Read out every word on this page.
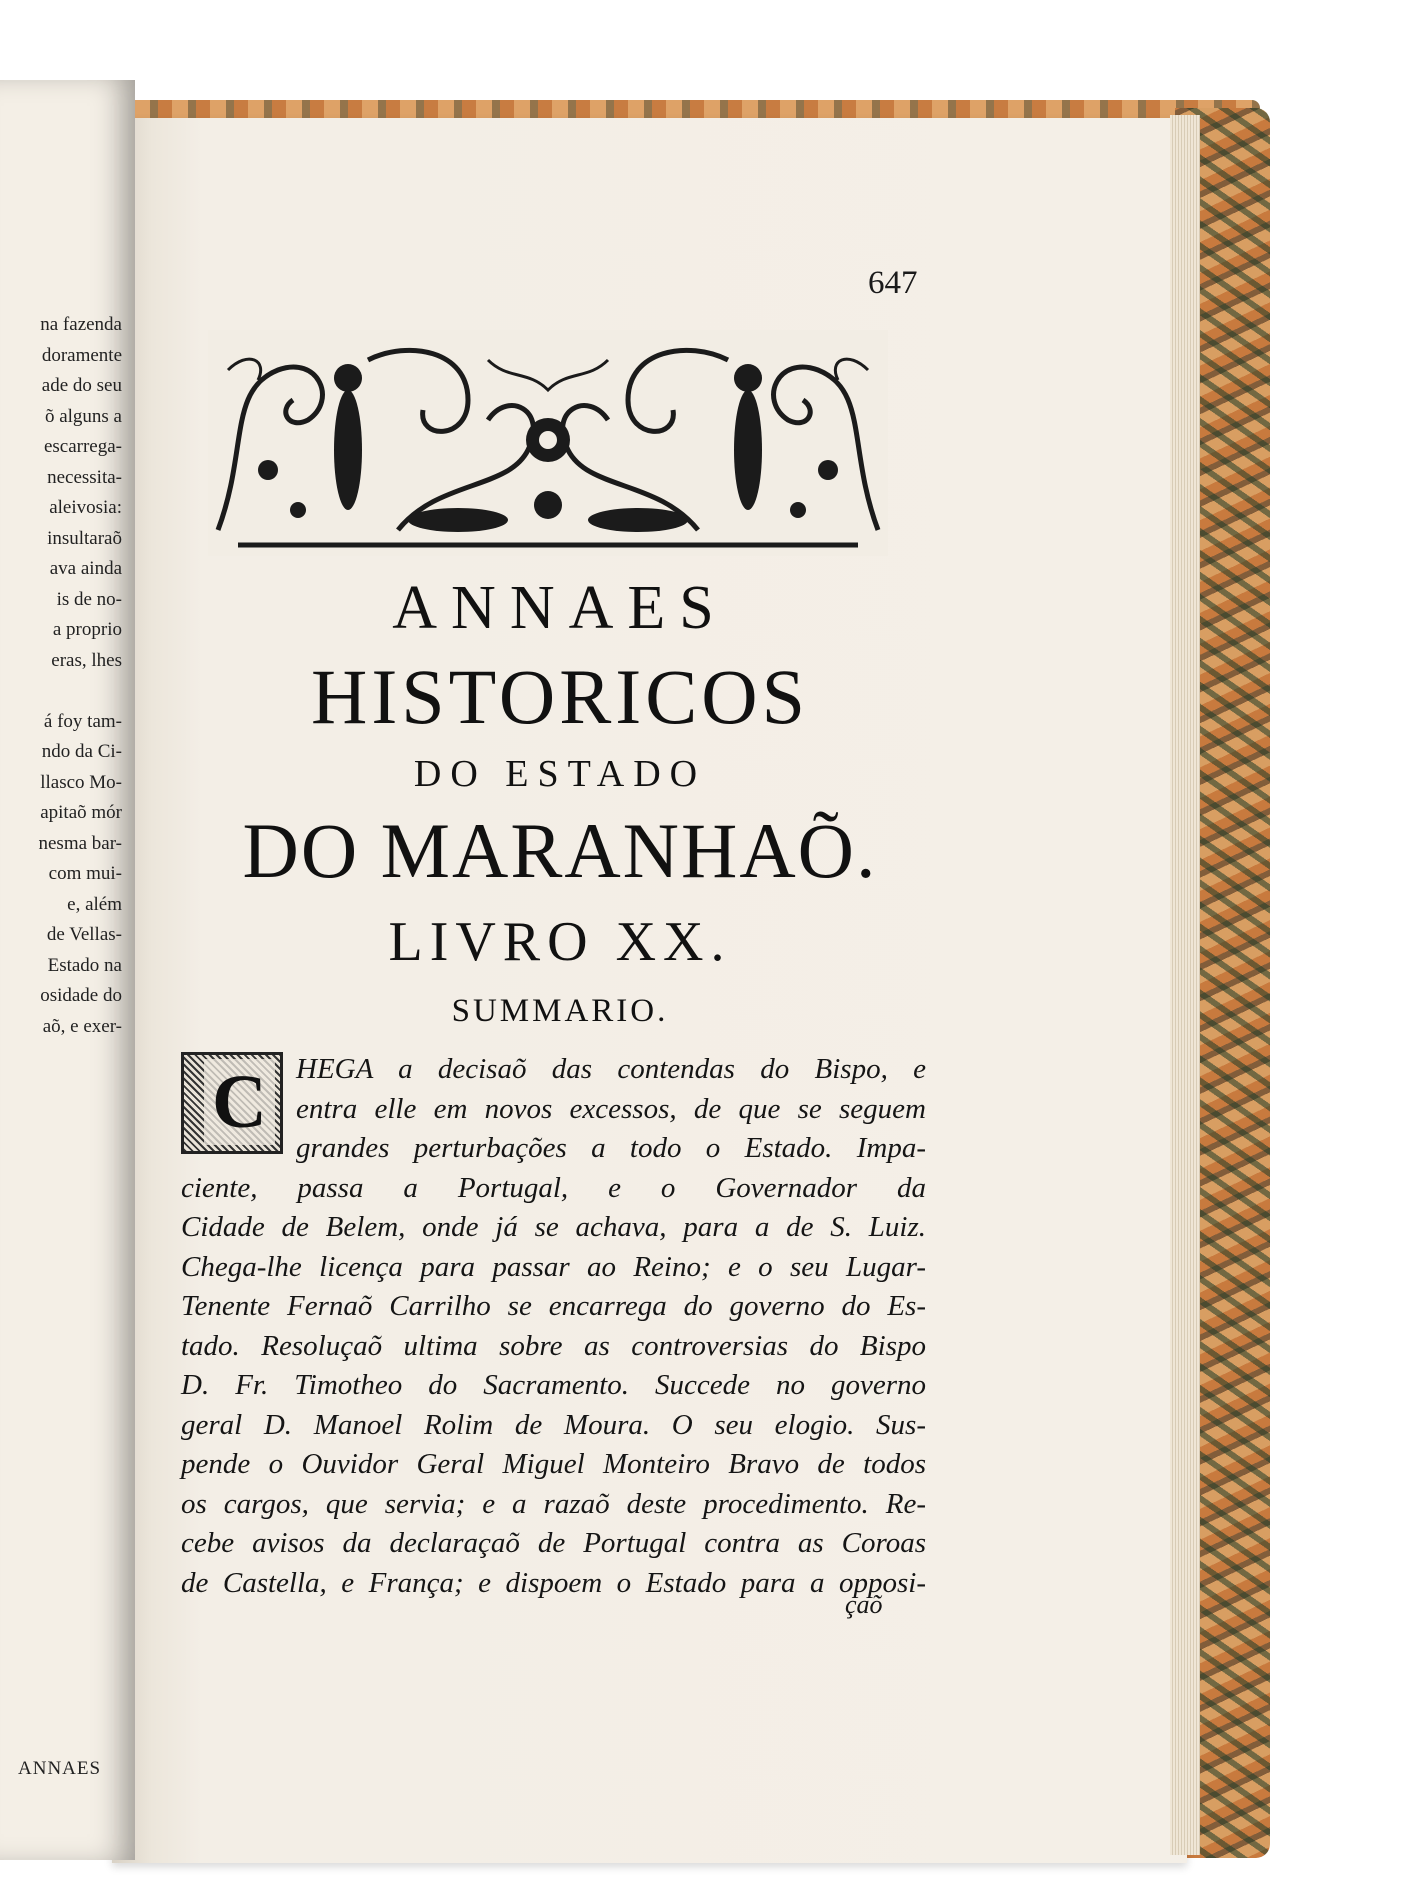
na fazenda
doramente
ade do seu
õ alguns a
escarrega-
necessita-
aleivosia:
insultaraõ
ava ainda
is de no-
a proprio
eras, lhes
á foy tam-
ndo da Ci-
llasco Mo-
apitaõ mór
nesma bar-
com mui-
e, além
de Vellas-
Estado na
osidade do
aõ, e exer-
ANNAES
647
ANNAES
HISTORICOS
DO ESTADO
DO MARANHAÕ.
LIVRO XX.
SUMMARIO.
HEGA a decisaõ das contendas do Bispo, e
entra elle em novos excessos, de que se seguem
grandes perturbações a todo o Estado. Impa-
ciente, passa a Portugal, e o Governador da
Cidade de Belem, onde já se achava, para a de S. Luiz.
Chega-lhe licença para passar ao Reino; e o seu Lugar-
Tenente Fernaõ Carrilho se encarrega do governo do Es-
tado. Resoluçaõ ultima sobre as controversias do Bispo
D. Fr. Timotheo do Sacramento. Succede no governo
geral D. Manoel Rolim de Moura. O seu elogio. Sus-
pende o Ouvidor Geral Miguel Monteiro Bravo de todos
os cargos, que servia; e a razaõ deste procedimento. Re-
cebe avisos da declaraçaõ de Portugal contra as Coroas
de Castella, e França; e dispoem o Estado para a opposi-
C
çaõ
